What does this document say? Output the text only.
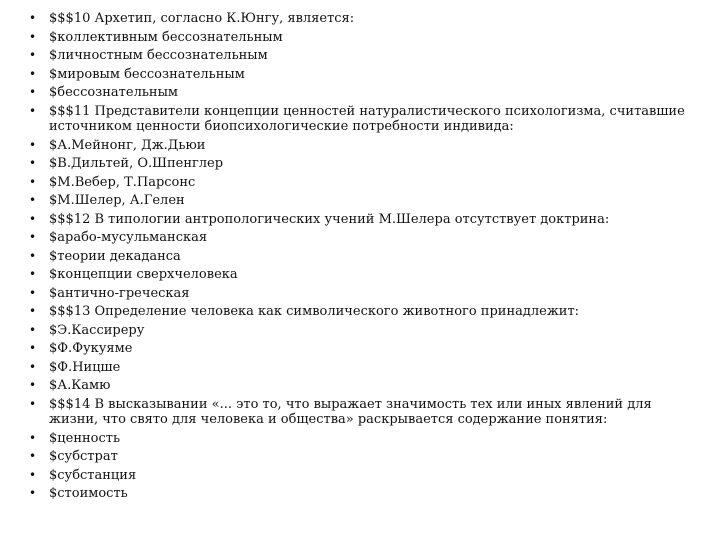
• $$$10 Архетип, согласно К.Юнгу, является:
• $коллективным бессознательным
• $личностным бессознательным
• $мировым бессознательным
• $бессознательным
• $$$11 Представители концепции ценностей натуралистического психологизма, считавшие источником ценности биопсихологические потребности индивида:
• $А.Мейнонг, Дж.Дьюи
• $В.Дильтей, О.Шпенглер
• $М.Вебер, Т.Парсонс
• $М.Шелер, А.Гелен
• $$$12 В типологии антропологических учений М.Шелера отсутствует доктрина:
• $арабо-мусульманская
• $теории декаданса
• $концепции сверхчеловека
• $антично-греческая
• $$$13 Определение человека как символического животного принадлежит:
• $Э.Кассиреру
• $Ф.Фукуяме
• $Ф.Ницше
• $А.Камю
• $$$14 В высказывании «... это то, что выражает значимость тех или иных явлений для жизни, что свято для человека и общества» раскрывается содержание понятия:
• $ценность
• $субстрат
• $субстанция
• $стоимость
